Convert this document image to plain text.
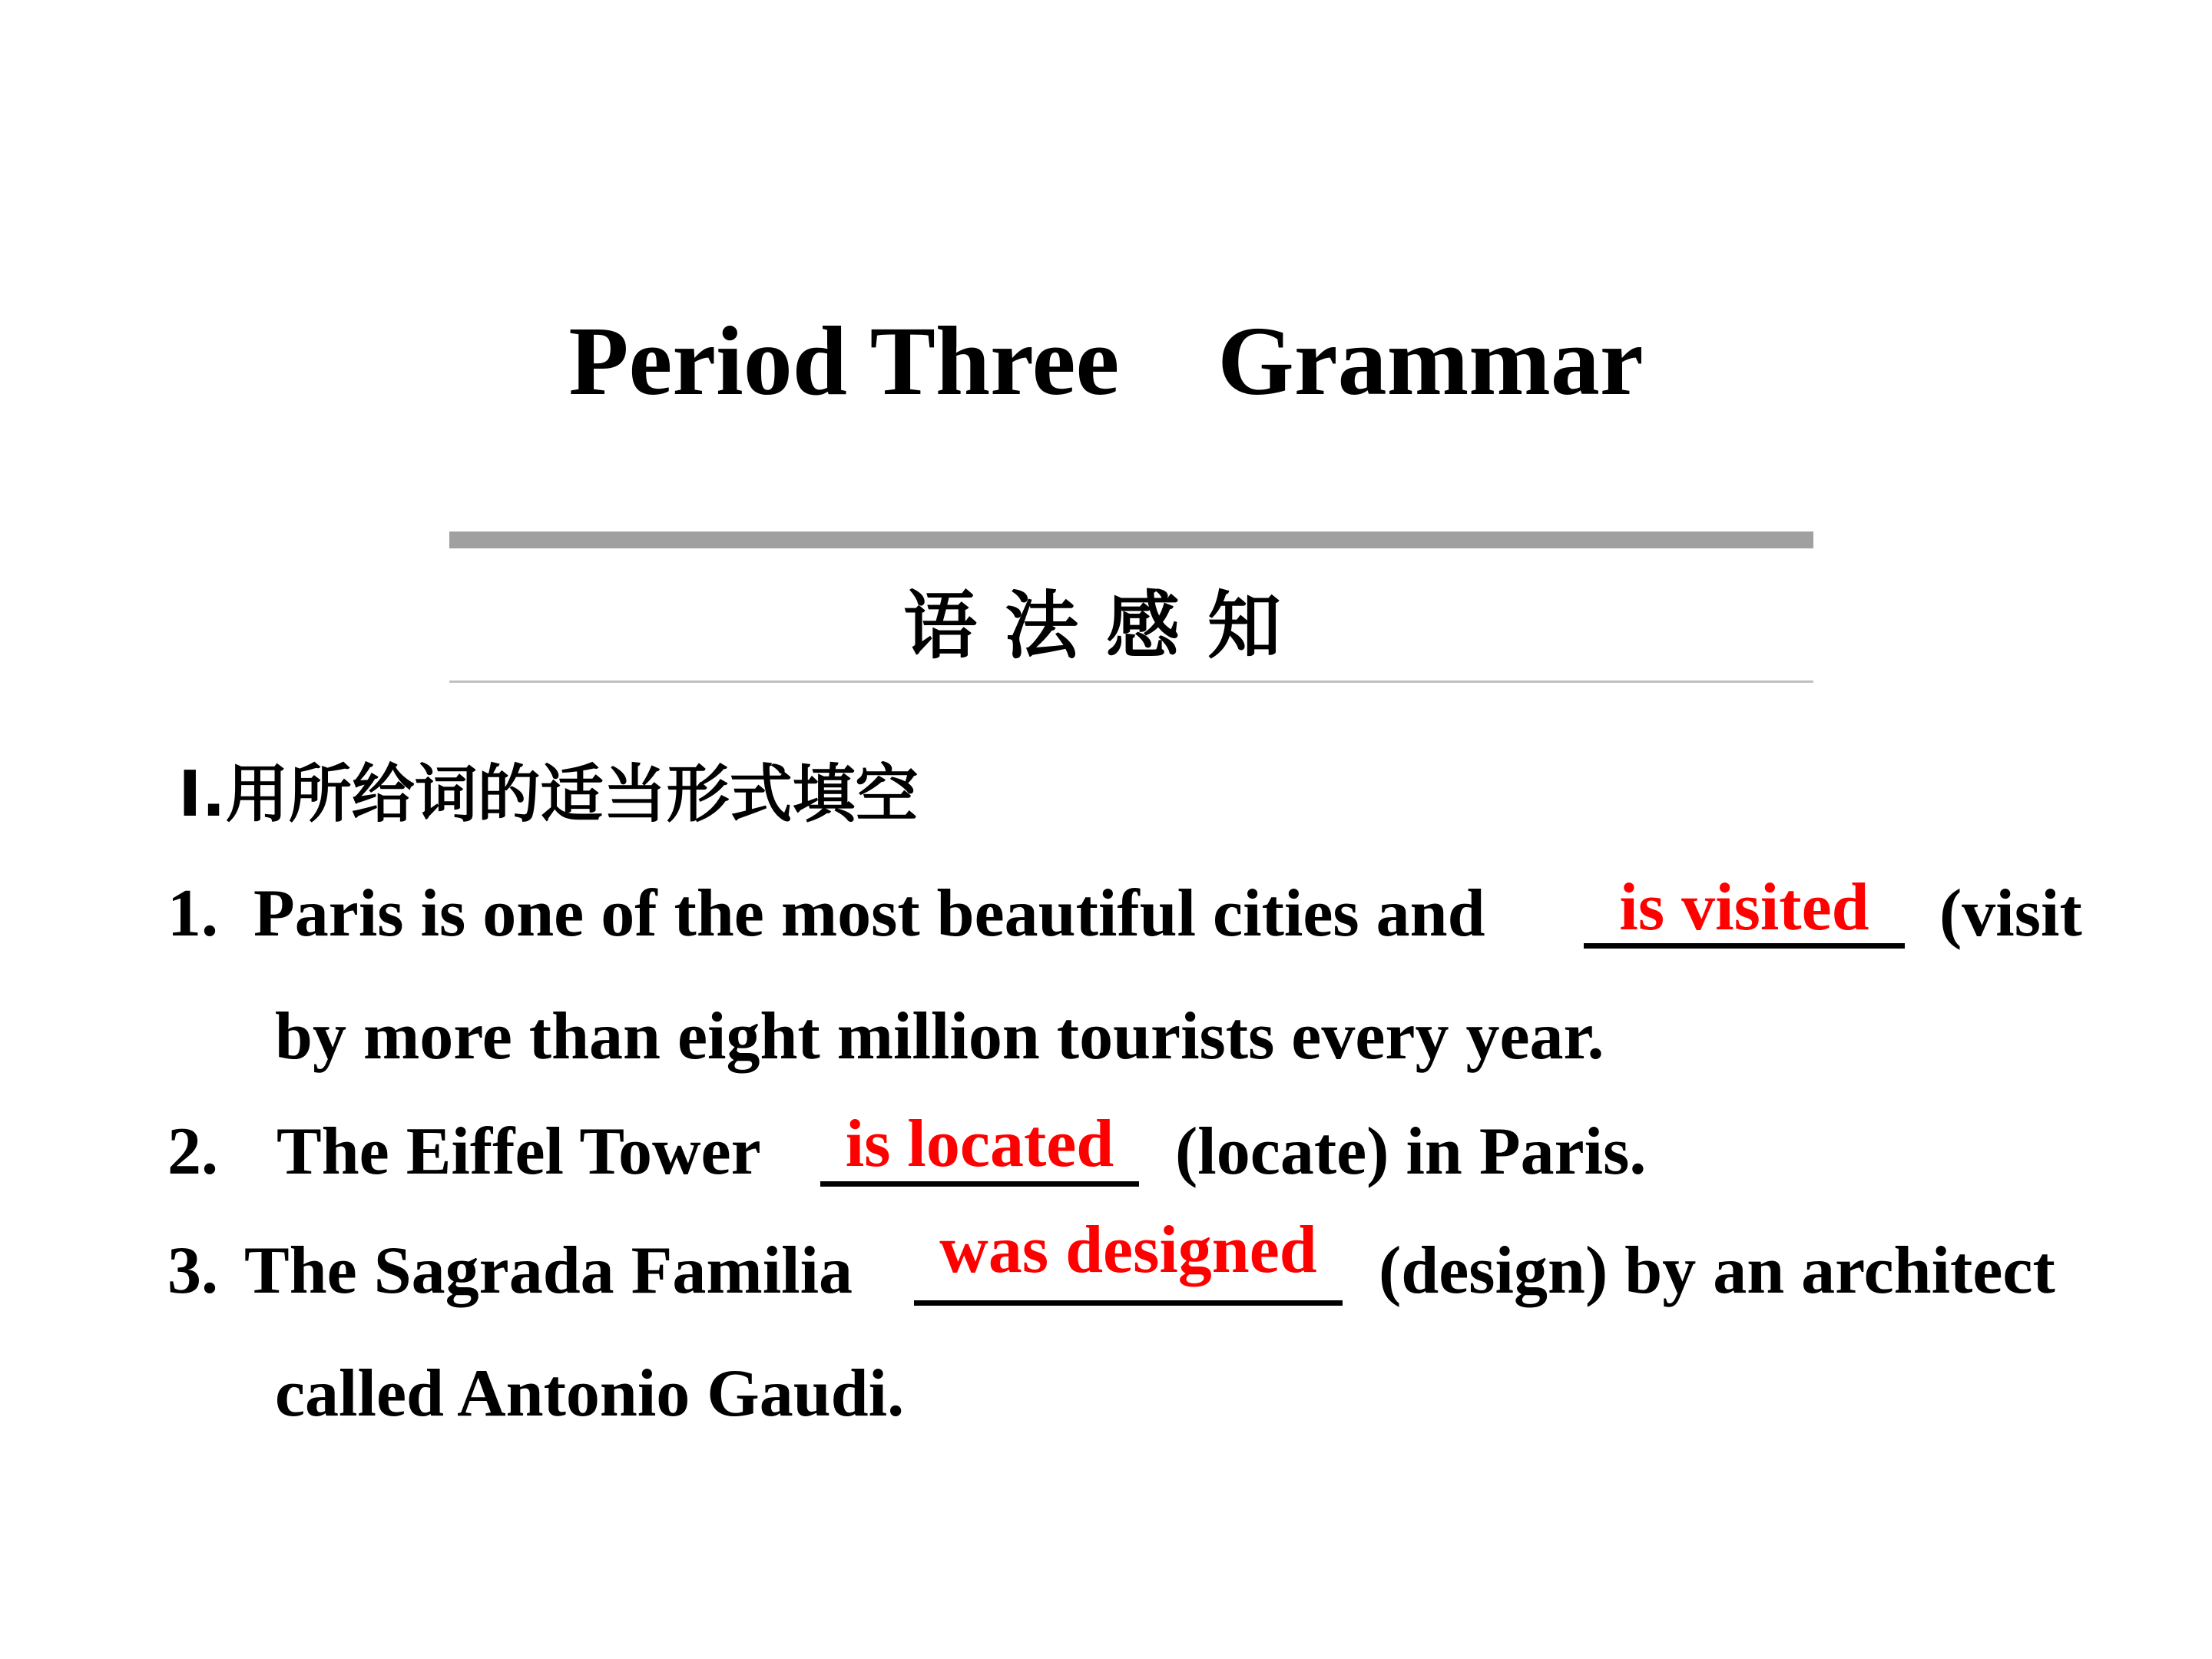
Period Three    Grammar
语法感知
Ⅰ.用所给词的适当形式填空
1. Paris is one of the most beautiful cities and	is visited	(visit
by more than eight million tourists every year.
2. The Eiffel Tower	is located (locate) in Paris.
3. The Sagrada Familia	was designed (design) by an architect
called Antonio Gaudi.
